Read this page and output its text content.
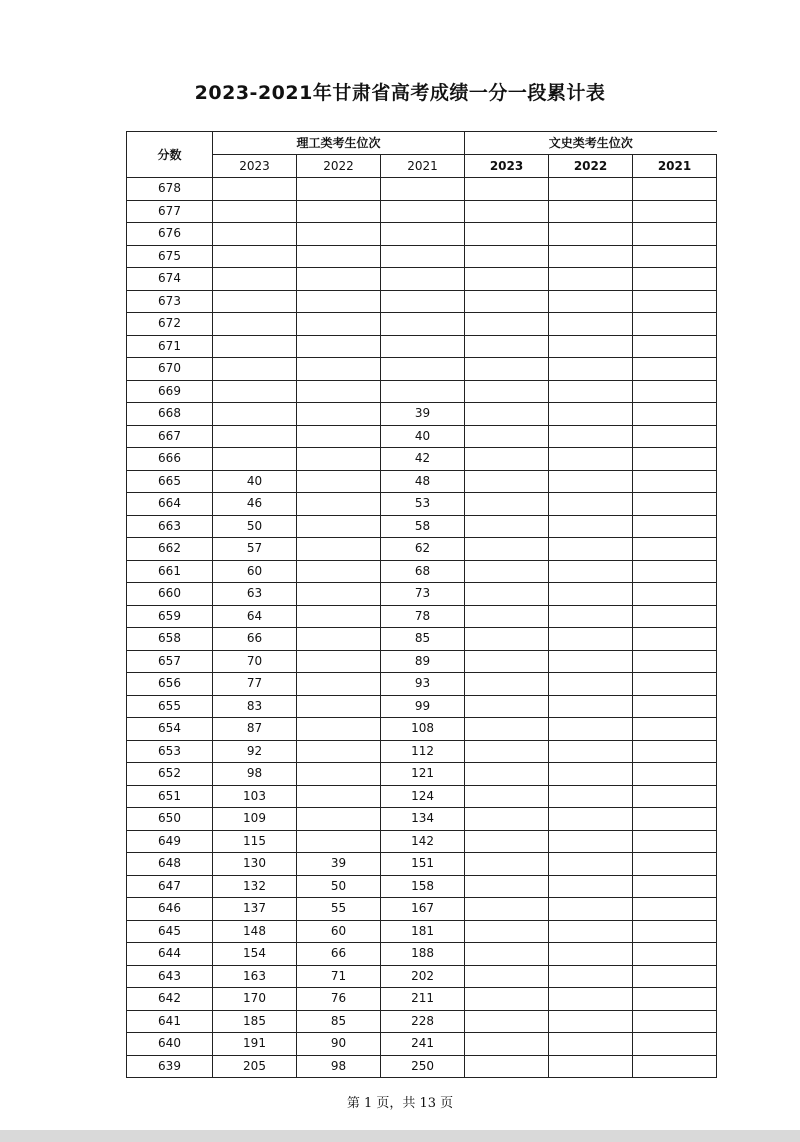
2023-2021年甘肃省高考成绩一分一段累计表
分数	理工类考生位次			文史类考生位次		
	2023	2022	2021	2023	2022	2021
678						
677						
676						
675						
674						
673						
672						
671						
670						
669						
668			39			
667			40			
666			42			
665	40		48			
664	46		53			
663	50		58			
662	57		62			
661	60		68			
660	63		73			
659	64		78			
658	66		85			
657	70		89			
656	77		93			
655	83		99			
654	87		108			
653	92		112			
652	98		121			
651	103		124			
650	109		134			
649	115		142			
648	130	39	151			
647	132	50	158			
646	137	55	167			
645	148	60	181			
644	154	66	188			
643	163	71	202			
642	170	76	211			
641	185	85	228			
640	191	90	241			
639	205	98	250			
第 1 页，共 13 页
